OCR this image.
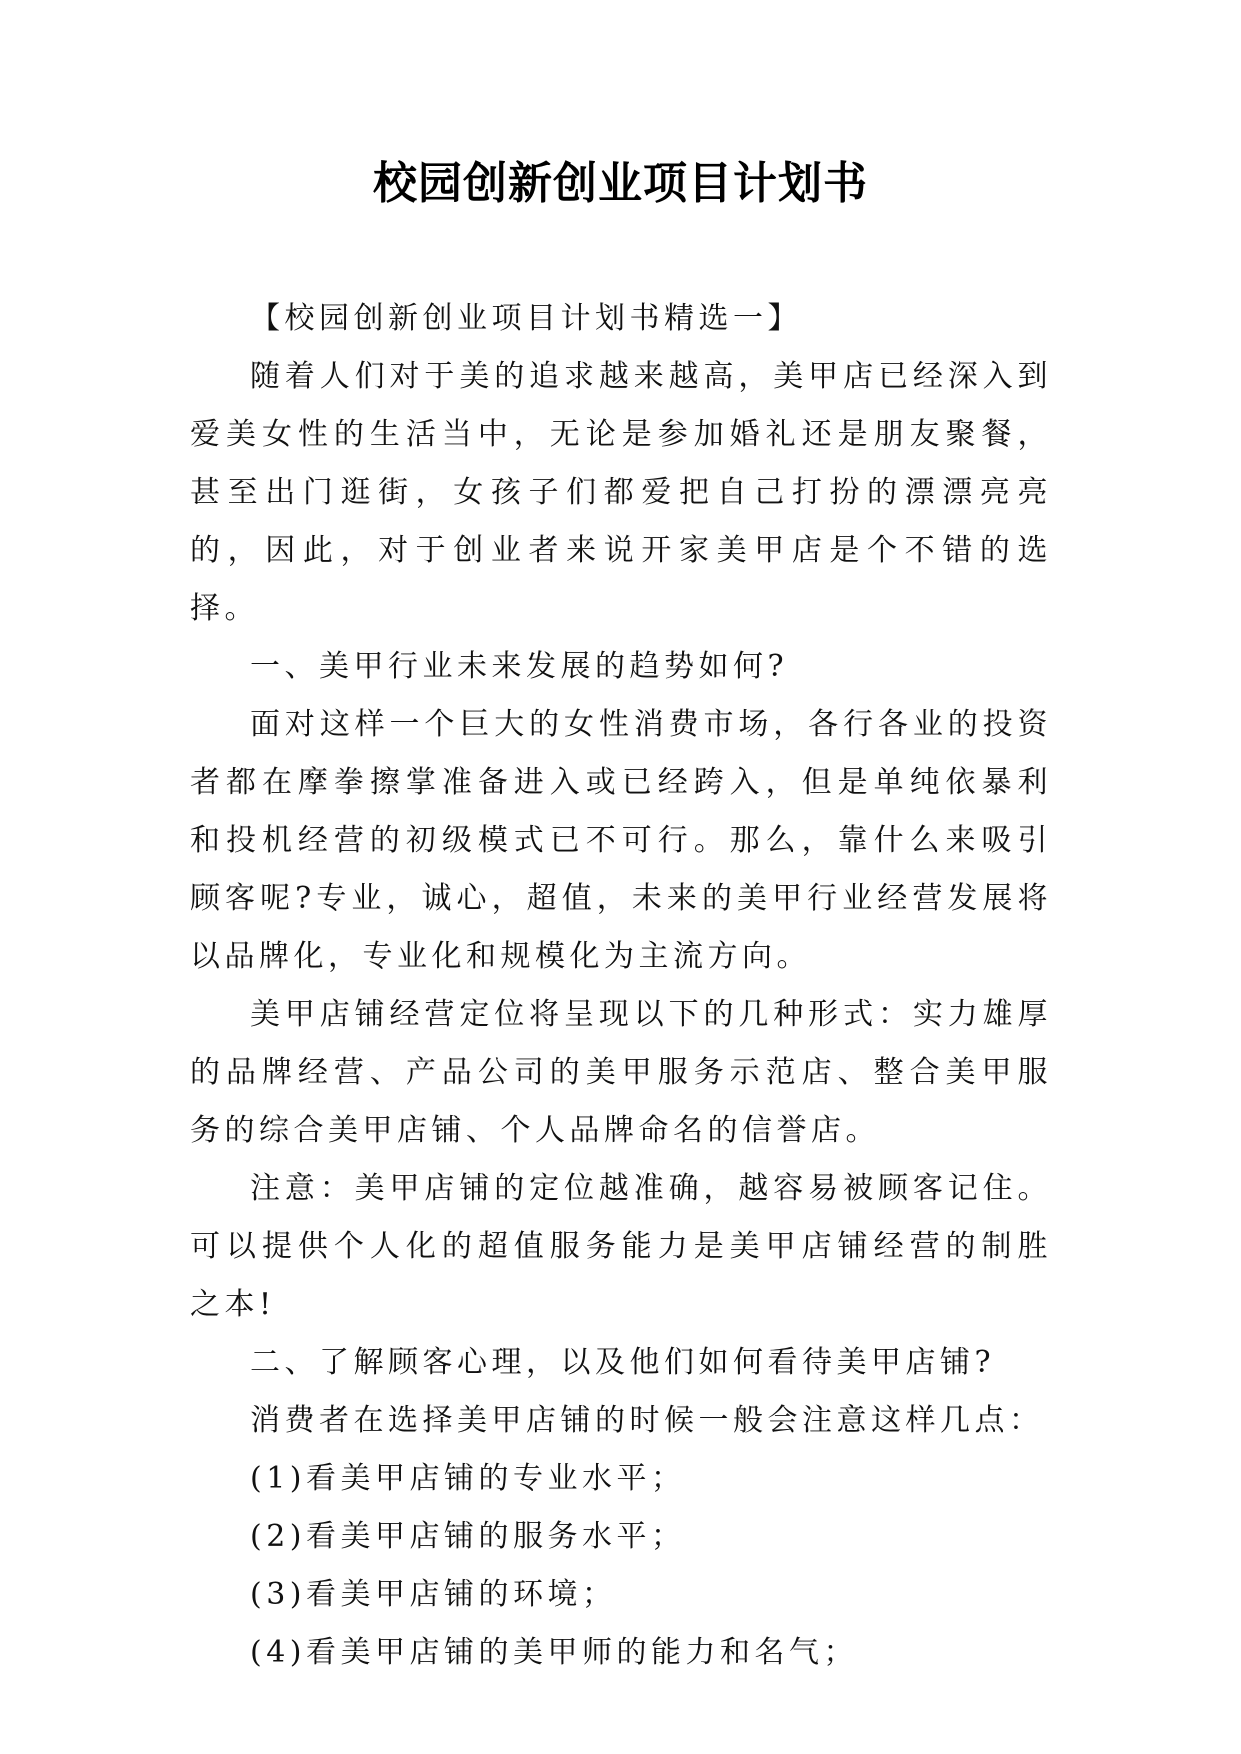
校园创新创业项目计划书

【校园创新创业项目计划书精选一】

随着人们对于美的追求越来越高，美甲店已经深入到爱美女性的生活当中，无论是参加婚礼还是朋友聚餐，甚至出门逛街，女孩子们都爱把自己打扮的漂漂亮亮的，因此，对于创业者来说开家美甲店是个不错的选择。

一、美甲行业未来发展的趋势如何?

面对这样一个巨大的女性消费市场，各行各业的投资者都在摩拳擦掌准备进入或已经跨入，但是单纯依暴利和投机经营的初级模式已不可行。那么，靠什么来吸引顾客呢?专业，诚心，超值，未来的美甲行业经营发展将以品牌化，专业化和规模化为主流方向。

美甲店铺经营定位将呈现以下的几种形式：实力雄厚的品牌经营、产品公司的美甲服务示范店、整合美甲服务的综合美甲店铺、个人品牌命名的信誉店。

注意：美甲店铺的定位越准确，越容易被顾客记住。可以提供个人化的超值服务能力是美甲店铺经营的制胜之本!

二、了解顾客心理，以及他们如何看待美甲店铺?

消费者在选择美甲店铺的时候一般会注意这样几点：

(1)看美甲店铺的专业水平；

(2)看美甲店铺的服务水平；

(3)看美甲店铺的环境；

(4)看美甲店铺的美甲师的能力和名气；
